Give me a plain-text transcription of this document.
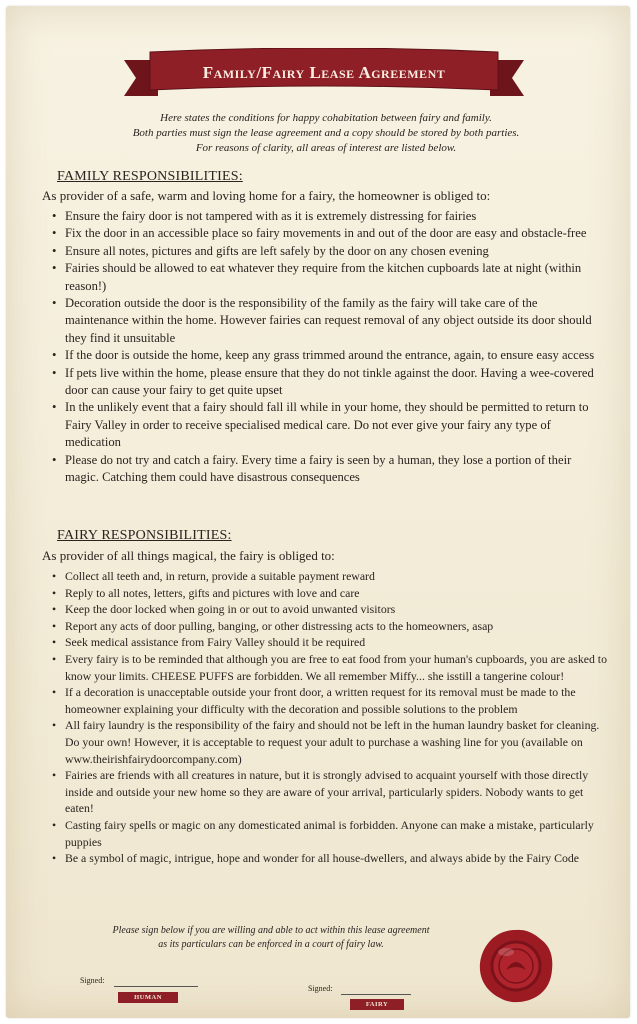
Family/Fairy Lease Agreement
Here states the conditions for happy cohabitation between fairy and family.
Both parties must sign the lease agreement and a copy should be stored by both parties.
For reasons of clarity, all areas of interest are listed below.
FAMILY RESPONSIBILITIES:
As provider of a safe, warm and loving home for a fairy, the homeowner is obliged to:
• Ensure the fairy door is not tampered with as it is extremely distressing for fairies
• Fix the door in an accessible place so fairy movements in and out of the door are easy and obstacle-free
• Ensure all notes, pictures and gifts are left safely by the door on any chosen evening
• Fairies should be allowed to eat whatever they require from the kitchen cupboards late at night (within reason!)
• Decoration outside the door is the responsibility of the family as the fairy will take care of the maintenance within the home. However fairies can request removal of any object outside its door should they find it unsuitable
• If the door is outside the home, keep any grass trimmed around the entrance, again, to ensure easy access
• If pets live within the home, please ensure that they do not tinkle against the door. Having a wee-covered door can cause your fairy to get quite upset
• In the unlikely event that a fairy should fall ill while in your home, they should be permitted to return to Fairy Valley in order to receive specialised medical care. Do not ever give your fairy any type of medication
• Please do not try and catch a fairy. Every time a fairy is seen by a human, they lose a portion of their magic. Catching them could have disastrous consequences
FAIRY RESPONSIBILITIES:
As provider of all things magical, the fairy is obliged to:
• Collect all teeth and, in return, provide a suitable payment reward
• Reply to all notes, letters, gifts and pictures with love and care
• Keep the door locked when going in or out to avoid unwanted visitors
• Report any acts of door pulling, banging, or other distressing acts to the homeowners, asap
• Seek medical assistance from Fairy Valley should it be required
• Every fairy is to be reminded that although you are free to eat food from your human's cupboards, you are asked to know your limits. CHEESE PUFFS are forbidden. We all remember Miffy... she isstill a tangerine colour!
• If a decoration is unacceptable outside your front door, a written request for its removal must be made to the homeowner explaining your difficulty with the decoration and possible solutions to the problem
• All fairy laundry is the responsibility of the fairy and should not be left in the human laundry basket for cleaning. Do your own! However, it is acceptable to request your adult to purchase a washing line for you (available on www.theirishfairydoorcompany.com)
• Fairies are friends with all creatures in nature, but it is strongly advised to acquaint yourself with those directly inside and outside your new home so they are aware of your arrival, particularly spiders. Nobody wants to get eaten!
• Casting fairy spells or magic on any domesticated animal is forbidden. Anyone can make a mistake, particularly puppies
• Be a symbol of magic, intrigue, hope and wonder for all house-dwellers, and always abide by the Fairy Code
Please sign below if you are willing and able to act within this lease agreement
as its particulars can be enforced in a court of fairy law.
Signed:
HUMAN
Signed:
FAIRY
